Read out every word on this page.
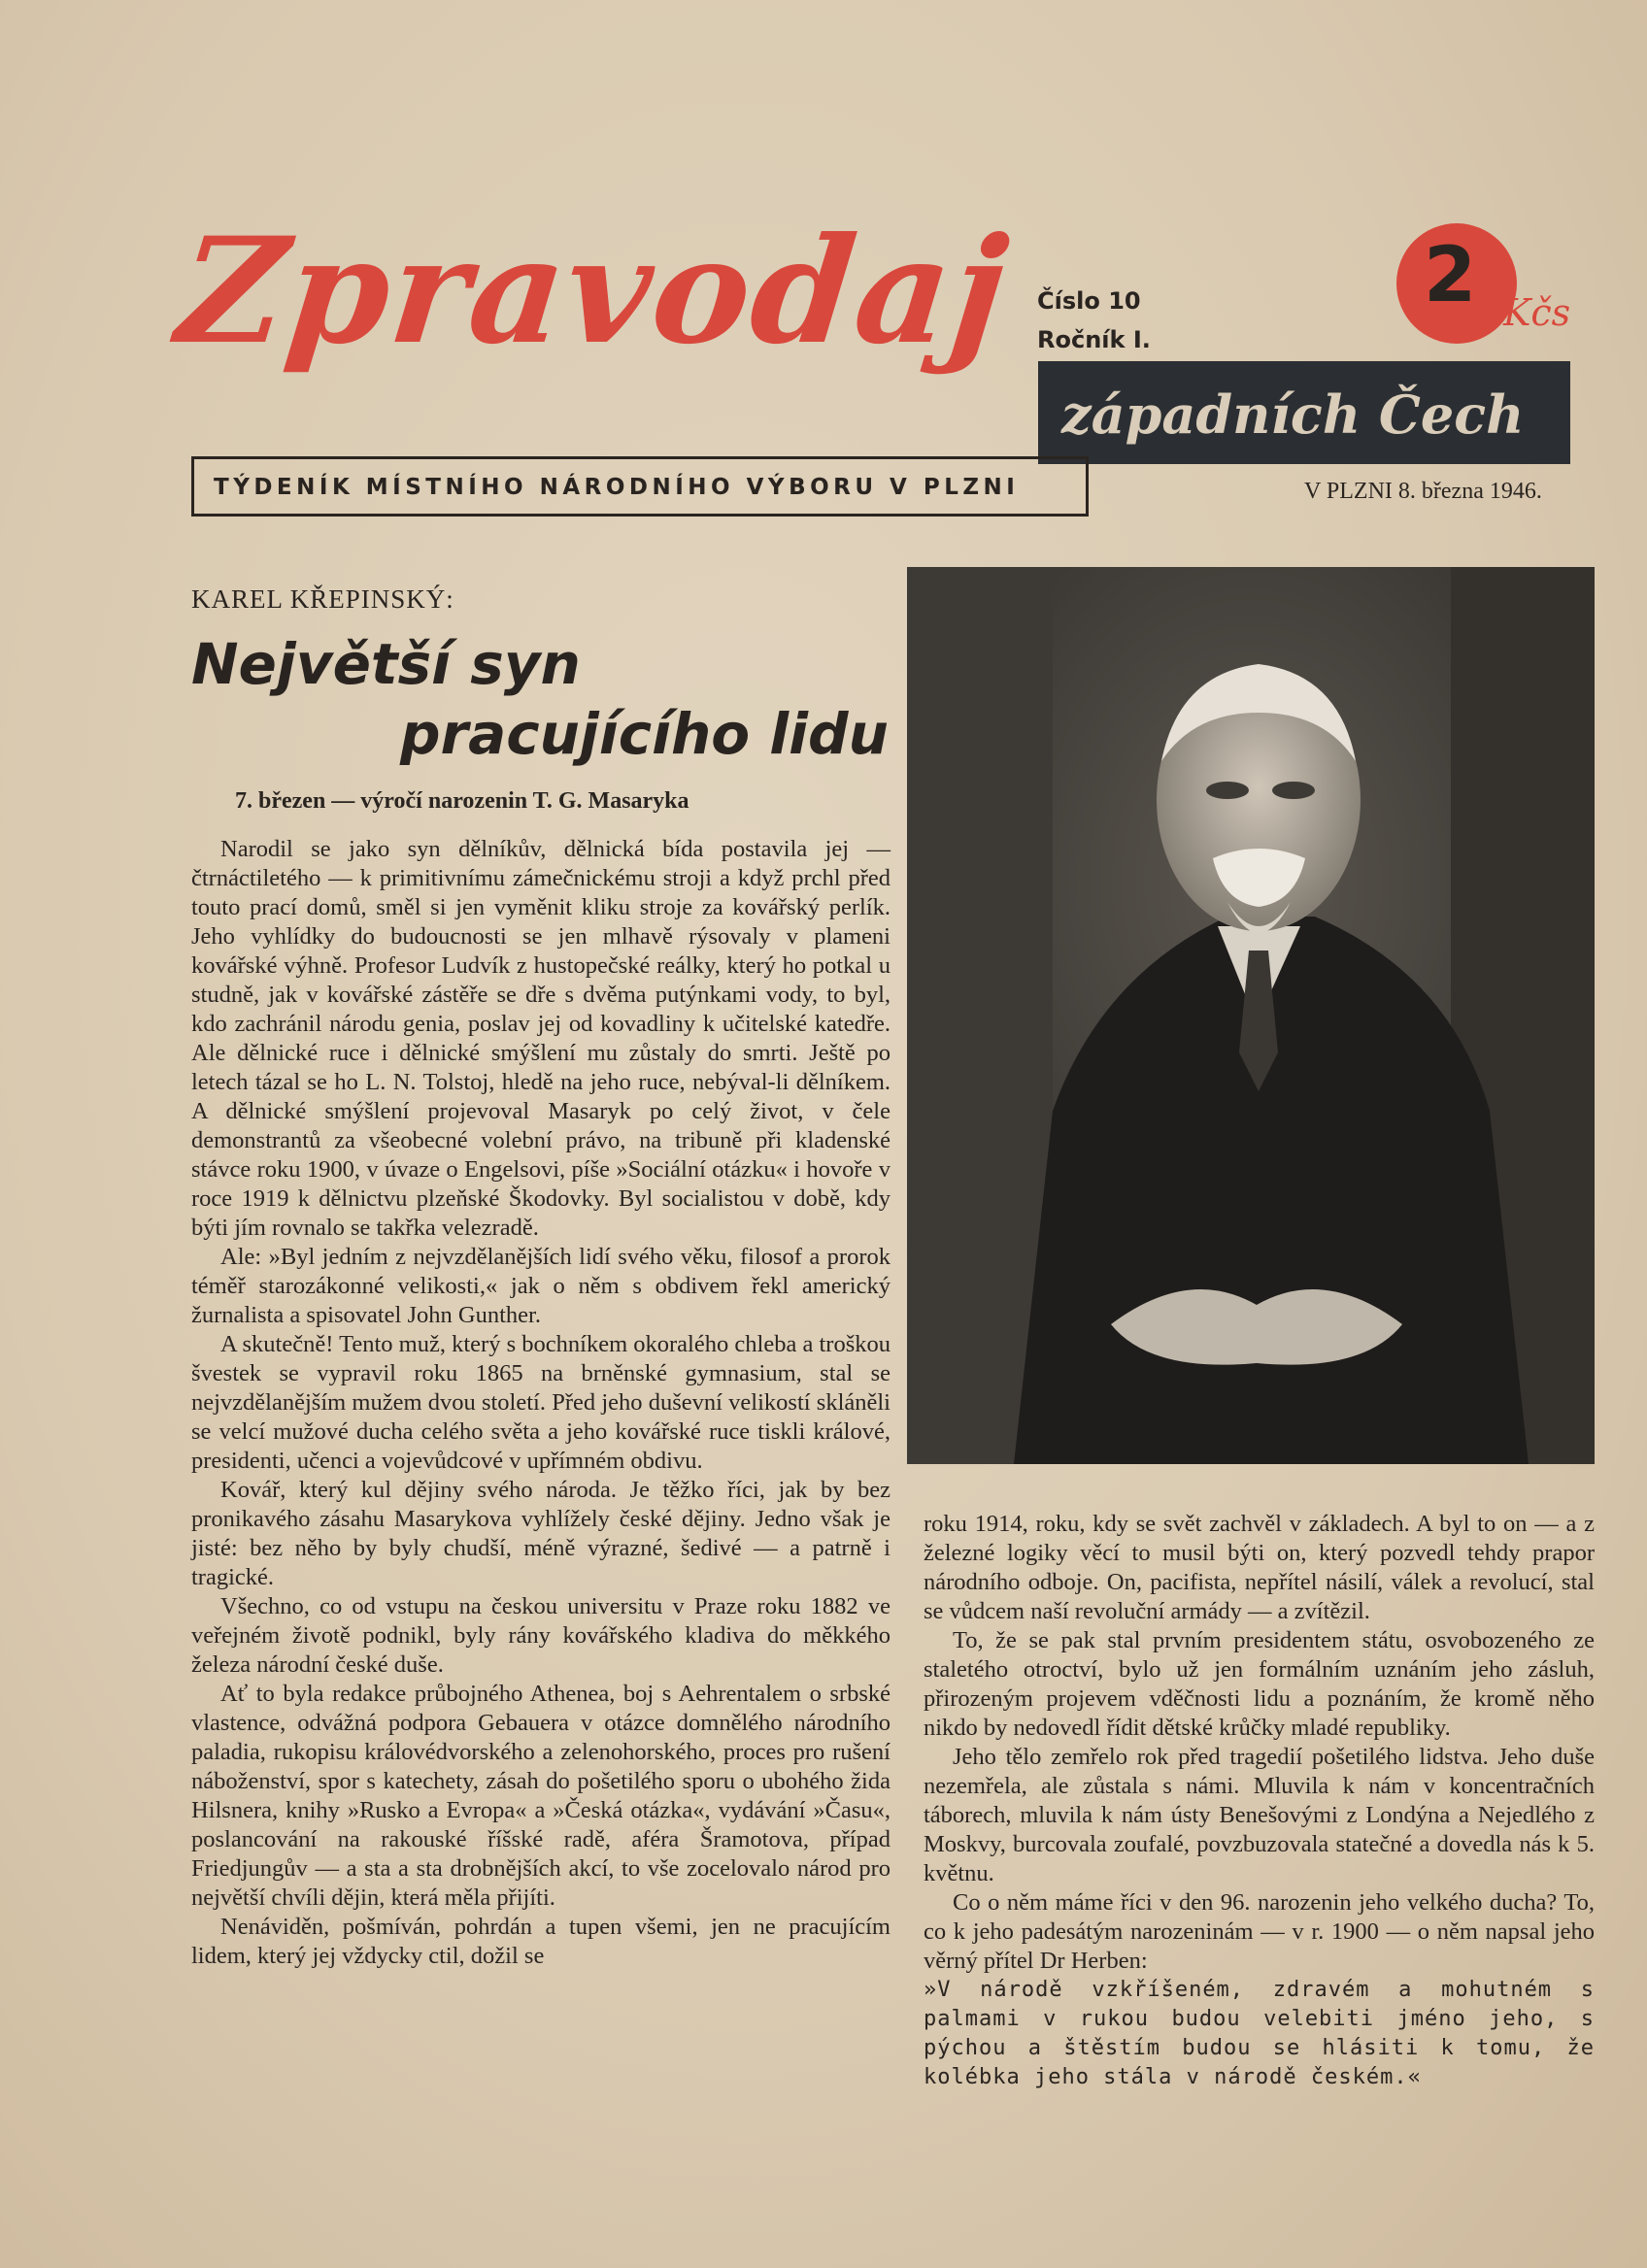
Zpravodaj Číslo 10
Ročník I.
2 Kčs
západních Čech
TÝDENÍK MÍSTNÍHO NÁRODNÍHO VÝBORU V PLZNI	V PLZNI 8. března 1946.
KAREL KŘEPINSKÝ:
Největší syn
pracujícího lidu
7. březen — výročí narozenin T. G. Masaryka

Narodil se jako syn dělníkův, dělnická bída postavila jej — čtrnáctiletého — k primitivnímu zámečnickému stroji a když prchl před touto prací domů, směl si jen vyměnit kliku stroje za kovářský perlík. Jeho vyhlídky do budoucnosti se jen mlhavě rýsovaly v plameni kovářské výhně. Profesor Ludvík z hustopečské reálky, který ho potkal u studně, jak v kovářské zástěře se dře s dvěma putýnkami vody, to byl, kdo zachránil národu genia, poslav jej od kovadliny k učitelské katedře. Ale dělnické ruce i dělnické smýšlení mu zůstaly do smrti. Ještě po letech tázal se ho L. N. Tolstoj, hledě na jeho ruce, nebýval-li dělníkem. A dělnické smýšlení projevoval Masaryk po celý život, v čele demonstrantů za všeobecné volební právo, na tribuně při kladenské stávce roku 1900, v úvaze o Engelsovi, píše »Sociální otázku« i hovoře v roce 1919 k dělnictvu plzeňské Škodovky. Byl socialistou v době, kdy býti jím rovnalo se takřka velezradě.

Ale: »Byl jedním z nejvzdělanějších lidí svého věku, filosof a prorok téměř starozákonné velikosti,« jak o něm s obdivem řekl americký žurnalista a spisovatel John Gunther.

A skutečně! Tento muž, který s bochníkem okoraléhο chleba a troškou švestek se vypravil roku 1865 na brněnské gymnasium, stal se nejvzdělanějším mužem dvou století. Před jeho duševní velikostí skláněli se velcí mužové ducha celého světa a jeho kovářské ruce tiskli králové, presidenti, učenci a vojevůdcové v upřímném obdivu.

Kovář, který kul dějiny svého národa. Je těžko říci, jak by bez pronikavého zásahu Masarykova vyhlížely české dějiny. Jedno však je jisté: bez něho by byly chudší, méně výrazné, šedivé — a patrně i tragické.

Všechno, co od vstupu na českou universitu v Praze roku 1882 ve veřejném životě podnikl, byly rány kovářského kladiva do měkkého železa národní české duše.

Ať to byla redakce průbojného Athenea, boj s Aehrentalem o srbské vlastence, odvážná podpora Gebauera v otázce domnělého národního paladia, rukopisu královédvorského a zelenohorského, proces pro rušení náboženství, spor s katechety, zásah do pošetilého sporu o ubohého žida Hilsnera, knihy »Rusko a Evropa« a »Česká otázka«, vydávání »Času«, poslancování na rakouské říšské radě, aféra Šramotova, případ Friedjungův — a sta a sta drobnějších akcí, to vše zocelovalo národ pro největší chvíli dějin, která měla přijíti.

Nenáviděn, pošmíván, pohrdán a tupen všemi, jen ne pracujícím lidem, který jej vždycky ctil, dožil se

roku 1914, roku, kdy se svět zachvěl v základech. A byl to on — a z železné logiky věcí to musil býti on, který pozvedl tehdy prapor národního odboje. On, pacifista, nepřítel násilí, válek a revolucí, stal se vůdcem naší revoluční armády — a zvítězil.

To, že se pak stal prvním presidentem státu, osvobozeného ze staletého otroctví, bylo už jen formálním uznáním jeho zásluh, přirozeným projevem vděčnosti lidu a poznáním, že kromě něho nikdo by nedovedl řídit dětské krůčky mladé republiky.

Jeho tělo zemřelo rok před tragedií pošetilého lidstva. Jeho duše nezemřela, ale zůstala s námi. Mluvila k nám v koncentračních táborech, mluvila k nám ústy Benešovými z Londýna a Nejedlého z Moskvy, burcovala zoufalé, povzbuzovala statečné a dovedla nás k 5. květnu.

Co o něm máme říci v den 96. narozenin jeho velkého ducha? To, co k jeho padesátým narozeninám — v r. 1900 — o něm napsal jeho věrný přítel Dr Herben:

»V národě vzkříšeném, zdravém a mohutném s palmami v rukou budou velebiti jméno jeho, s pýchou a štěstím budou se hlásiti k tomu, že kolébka jeho stála v národě českém.«
